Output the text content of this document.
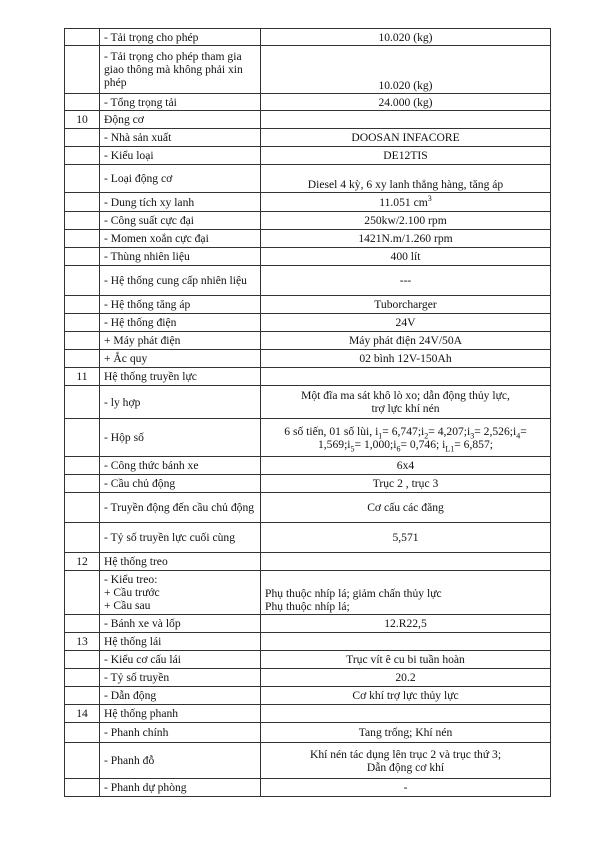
	- Tải trọng cho phép	10.020 (kg)
	- Tải trọng cho phép tham gia giao thông mà không phải xin phép	10.020 (kg)
	- Tổng trọng tải	24.000 (kg)
10	Động cơ	
	- Nhà sản xuất	DOOSAN INFACORE
	- Kiểu loại	DE12TIS
	- Loại động cơ	Diesel 4 kỳ, 6 xy lanh thẳng hàng, tăng áp
	- Dung tích xy lanh	11.051 $cm^3$
	- Công suất cực đại	250kw/2.100 rpm
	- Momen xoắn cực đại	1421N.m/1.260 rpm
	- Thùng nhiên liệu	400 lít
	- Hệ thống cung cấp nhiên liệu	---
	- Hệ thống tăng áp	Tuborcharger
	- Hệ thống điện	24V
	+ Máy phát điện	Máy phát điện 24V/50A
	+ Ắc quy	02 bình 12V-150Ah
11	Hệ thống truyền lực	
	- ly hợp	Một đĩa ma sát khô lò xo; dẫn động thủy lực,
trợ lực khí nén

	- Hộp số	6 số tiến, 01 số lùi, $i_1=$ $6,747;i_2=$ $4,207;i_3=$ $2,526;i_4=$
$1,569;i_5=$ $1,000;i_6= 0,746$; $i_{L1}= 6,857$;

	- Công thức bánh xe	6x4
	- Cầu chủ động	Trục 2 , trục 3
	- Truyền động đến cầu chủ động	Cơ cấu các đăng
	- Tỷ số truyền lực cuối cùng	5,571
12	Hệ thống treo	

	- Kiểu treo:
+ Cầu trước
+ Cầu sau	Phụ thuộc nhíp lá; giảm chấn thủy lực
Phụ thuộc nhíp lá;

	- Bánh xe và lốp	12.R22,5
13	Hệ thống lái	
	- Kiểu cơ cấu lái	Trục vít ê cu bi tuần hoàn
	- Tỷ số truyền	20.2
	- Dẫn động	Cơ khí trợ lực thủy lực
14	Hệ thống phanh	
	- Phanh chính	Tang trống; Khí nén
	- Phanh đỗ	Khí nén tác dụng lên trục 2 và trục thứ 3;
Dẫn động cơ khí

	- Phanh dự phòng	-
